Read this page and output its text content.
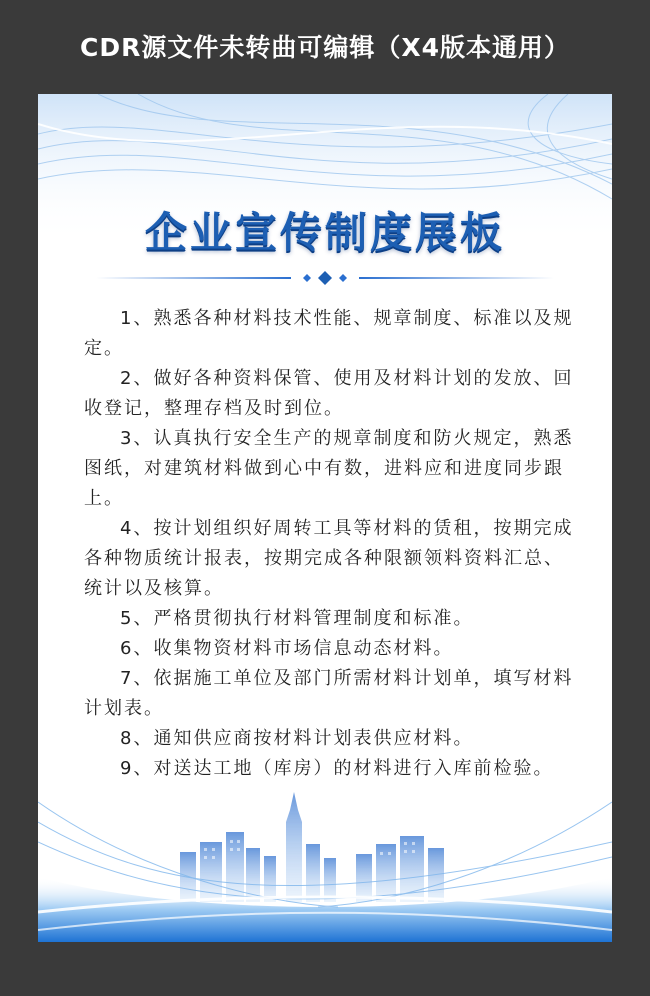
CDR源文件未转曲可编辑（X4版本通用）
企业宣传制度展板

1、熟悉各种材料技术性能、规章制度、标准以及规定。

2、做好各种资料保管、使用及材料计划的发放、回收登记，整理存档及时到位。

3、认真执行安全生产的规章制度和防火规定，熟悉图纸，对建筑材料做到心中有数，进料应和进度同步跟上。

4、按计划组织好周转工具等材料的赁租，按期完成各种物质统计报表，按期完成各种限额领料资料汇总、统计以及核算。

5、严格贯彻执行材料管理制度和标准。

6、收集物资材料市场信息动态材料。

7、依据施工单位及部门所需材料计划单，填写材料计划表。

8、通知供应商按材料计划表供应材料。

9、对送达工地（库房）的材料进行入库前检验。
